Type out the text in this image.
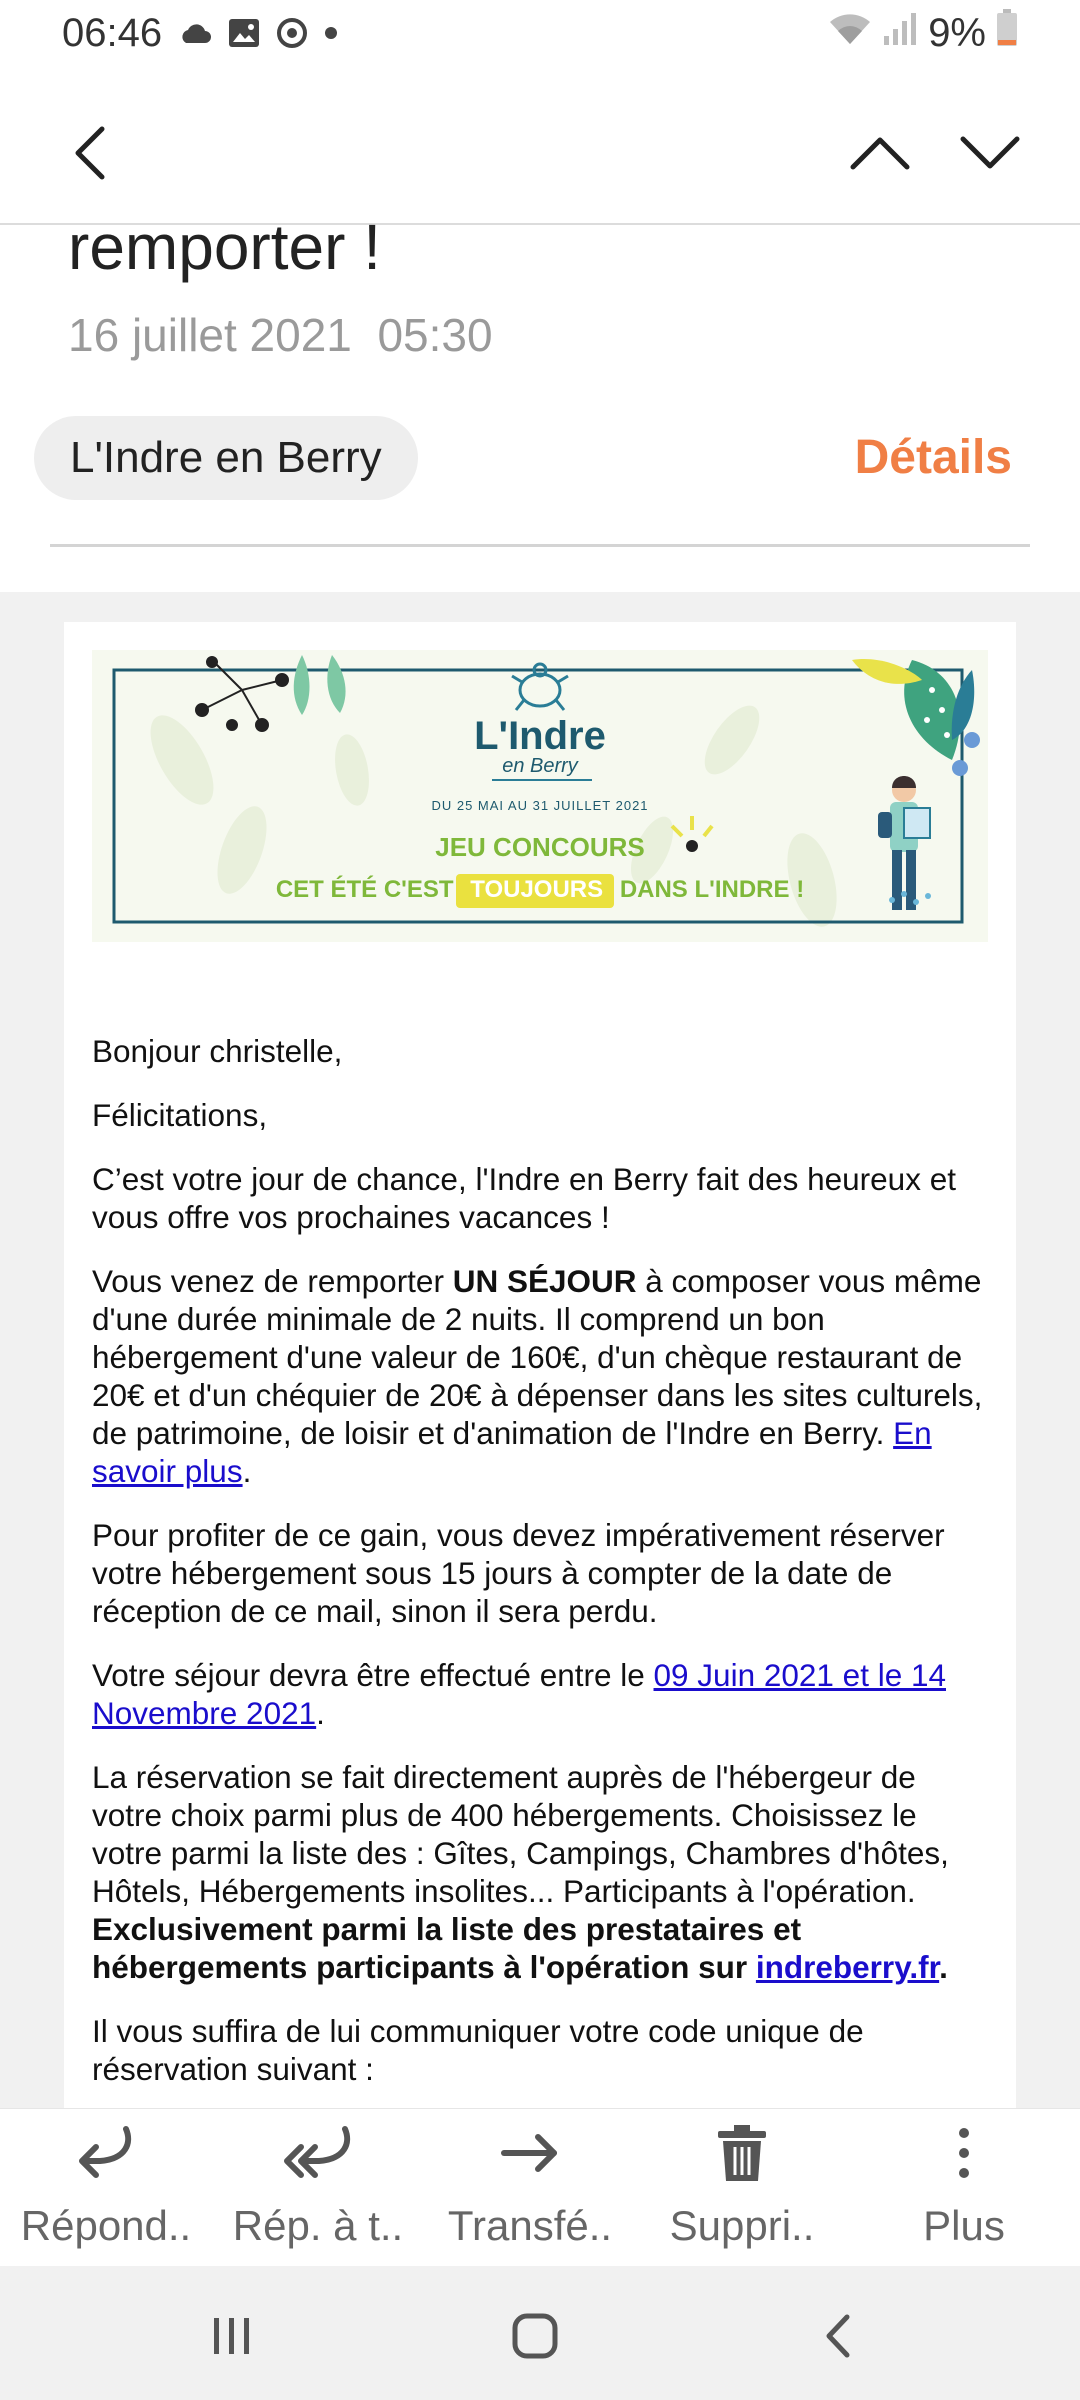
06:46	9%
remporter !
16 juillet 2021  05:30
L'Indre en Berry	Détails
L'Indre
en Berry
DU 25 MAI AU 31 JUILLET 2021
JEU CONCOURS
CET ÉTÉ C'EST TOUJOURS DANS L'INDRE !

Bonjour christelle,

Félicitations,

C’est votre jour de chance, l'Indre en Berry fait des heureux et vous offre vos prochaines vacances !

Vous venez de remporter UN SÉJOUR à composer vous même d'une durée minimale de 2 nuits. Il comprend un bon hébergement d'une valeur de 160€, d'un chèque restaurant de 20€ et d'un chéquier de 20€ à dépenser dans les sites culturels, de patrimoine, de loisir et d'animation de l'Indre en Berry. En savoir plus.

Pour profiter de ce gain, vous devez impérativement réserver votre hébergement sous 15 jours à compter de la date de réception de ce mail, sinon il sera perdu.

Votre séjour devra être effectué entre le 09 Juin 2021 et le 14 Novembre 2021.

La réservation se fait directement auprès de l'hébergeur de votre choix parmi plus de 400 hébergements. Choisissez le votre parmi la liste des : Gîtes, Campings, Chambres d'hôtes, Hôtels, Hébergements insolites... Participants à l'opération. Exclusivement parmi la liste des prestataires et hébergements participants à l'opération sur indreberry.fr.

Il vous suffira de lui communiquer votre code unique de réservation suivant :

Répond.. Rép. à t.. Transfé.. Suppri..	Plus
